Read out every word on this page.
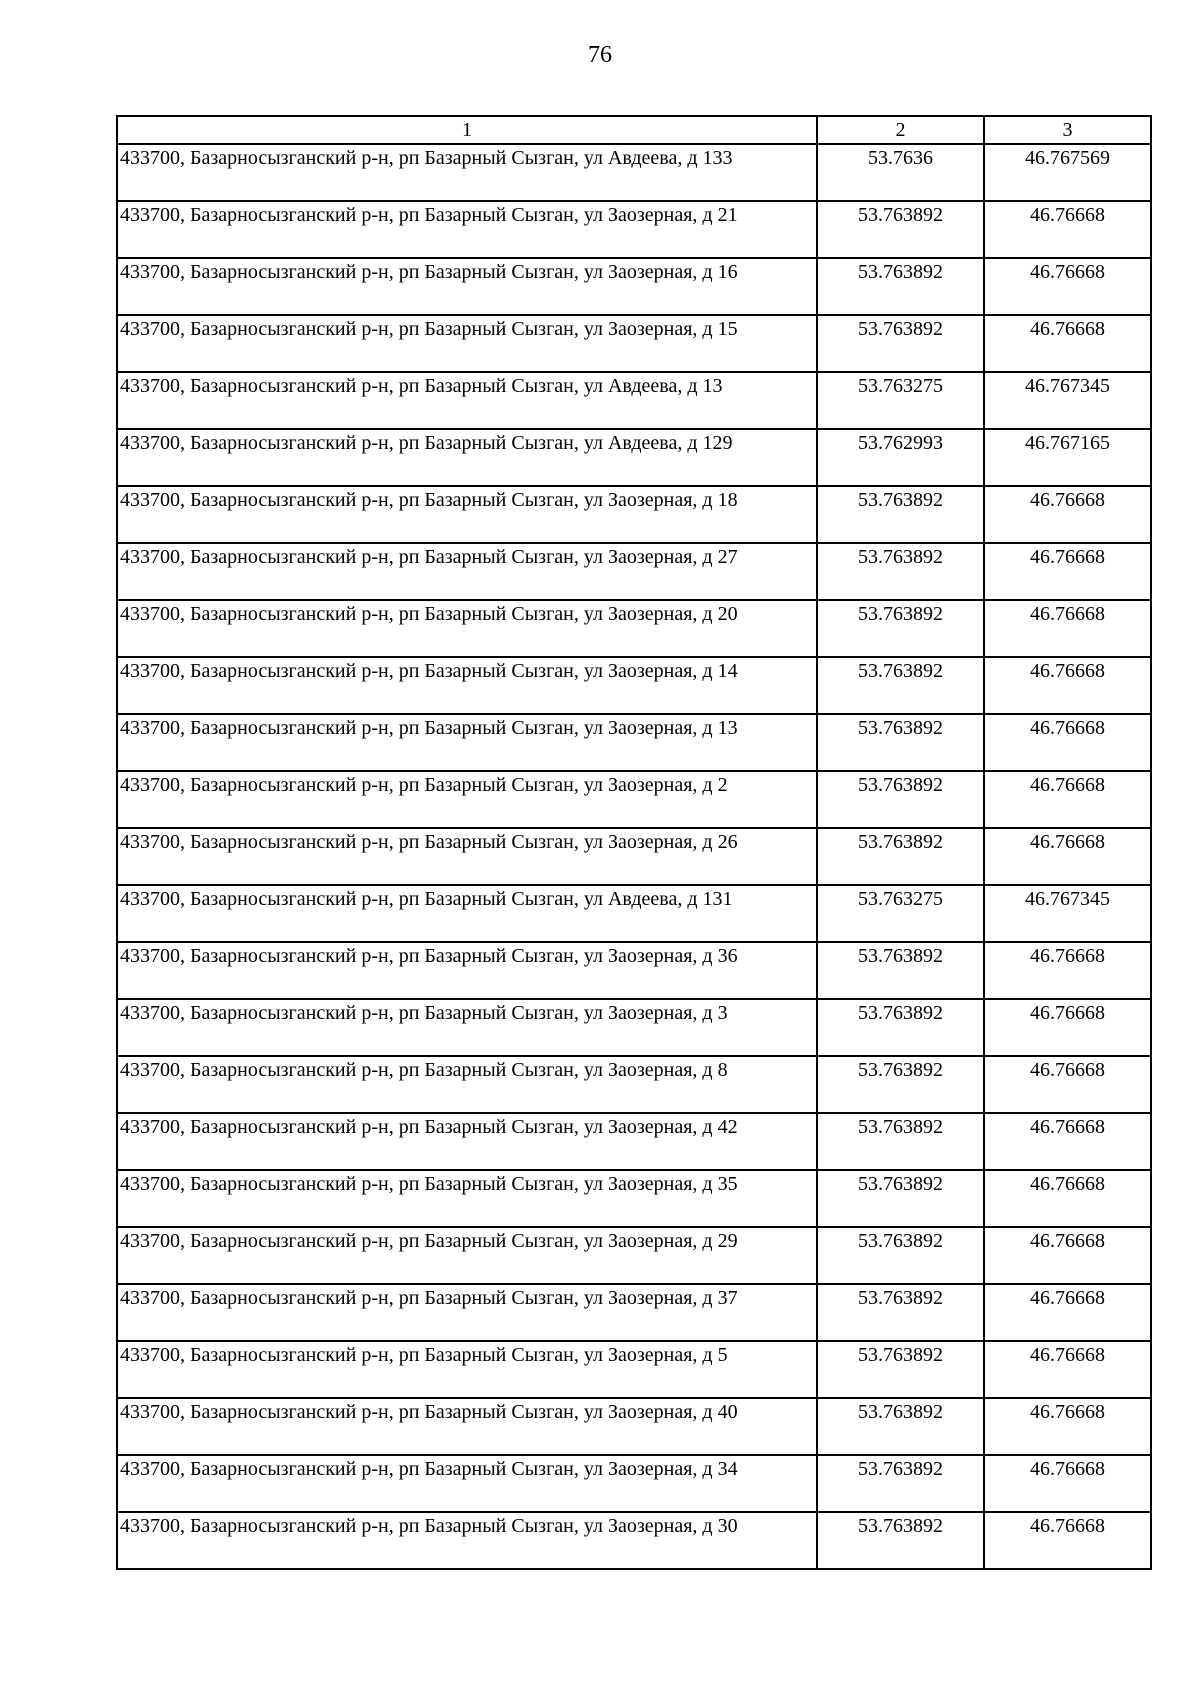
76
1	2	3
433700, Базарносызганский р-н, рп Базарный Сызган, ул Авдеева, д 133	53.7636	46.767569
433700, Базарносызганский р-н, рп Базарный Сызган, ул Заозерная, д 21	53.763892	46.76668
433700, Базарносызганский р-н, рп Базарный Сызган, ул Заозерная, д 16	53.763892	46.76668
433700, Базарносызганский р-н, рп Базарный Сызган, ул Заозерная, д 15	53.763892	46.76668
433700, Базарносызганский р-н, рп Базарный Сызган, ул Авдеева, д 13	53.763275	46.767345
433700, Базарносызганский р-н, рп Базарный Сызган, ул Авдеева, д 129	53.762993	46.767165
433700, Базарносызганский р-н, рп Базарный Сызган, ул Заозерная, д 18	53.763892	46.76668
433700, Базарносызганский р-н, рп Базарный Сызган, ул Заозерная, д 27	53.763892	46.76668
433700, Базарносызганский р-н, рп Базарный Сызган, ул Заозерная, д 20	53.763892	46.76668
433700, Базарносызганский р-н, рп Базарный Сызган, ул Заозерная, д 14	53.763892	46.76668
433700, Базарносызганский р-н, рп Базарный Сызган, ул Заозерная, д 13	53.763892	46.76668
433700, Базарносызганский р-н, рп Базарный Сызган, ул Заозерная, д 2	53.763892	46.76668
433700, Базарносызганский р-н, рп Базарный Сызган, ул Заозерная, д 26	53.763892	46.76668
433700, Базарносызганский р-н, рп Базарный Сызган, ул Авдеева, д 131	53.763275	46.767345
433700, Базарносызганский р-н, рп Базарный Сызган, ул Заозерная, д 36	53.763892	46.76668
433700, Базарносызганский р-н, рп Базарный Сызган, ул Заозерная, д 3	53.763892	46.76668
433700, Базарносызганский р-н, рп Базарный Сызган, ул Заозерная, д 8	53.763892	46.76668
433700, Базарносызганский р-н, рп Базарный Сызган, ул Заозерная, д 42	53.763892	46.76668
433700, Базарносызганский р-н, рп Базарный Сызган, ул Заозерная, д 35	53.763892	46.76668
433700, Базарносызганский р-н, рп Базарный Сызган, ул Заозерная, д 29	53.763892	46.76668
433700, Базарносызганский р-н, рп Базарный Сызган, ул Заозерная, д 37	53.763892	46.76668
433700, Базарносызганский р-н, рп Базарный Сызган, ул Заозерная, д 5	53.763892	46.76668
433700, Базарносызганский р-н, рп Базарный Сызган, ул Заозерная, д 40	53.763892	46.76668
433700, Базарносызганский р-н, рп Базарный Сызган, ул Заозерная, д 34	53.763892	46.76668
433700, Базарносызганский р-н, рп Базарный Сызган, ул Заозерная, д 30	53.763892	46.76668
